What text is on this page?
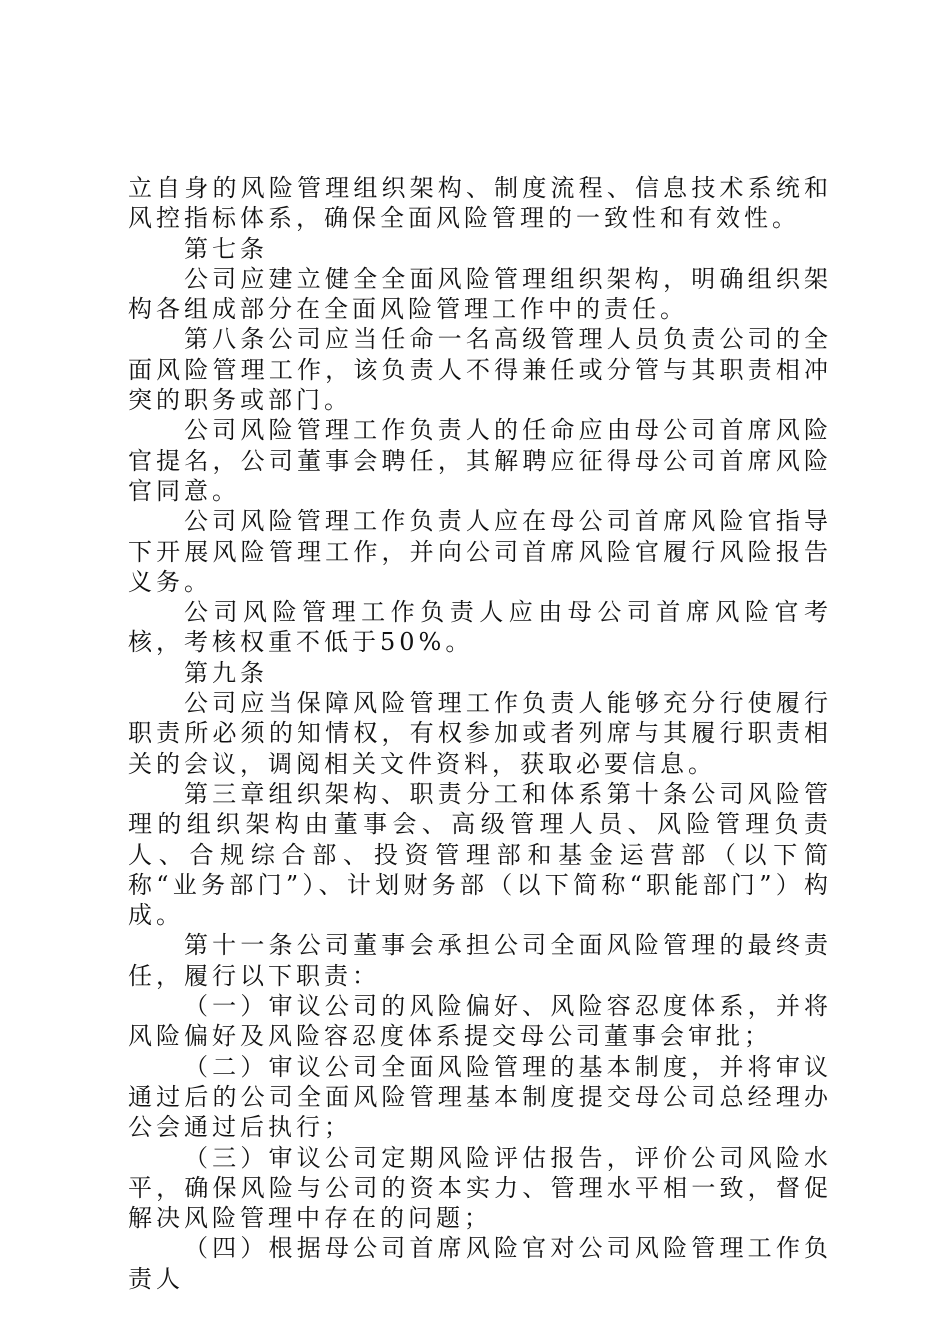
立自身的风险管理组织架构、制度流程、信息技术系统和风控指标体系，确保全面风险管理的一致性和有效性。

第七条

公司应建立健全全面风险管理组织架构，明确组织架构各组成部分在全面风险管理工作中的责任。

第八条公司应当任命一名高级管理人员负责公司的全面风险管理工作，该负责人不得兼任或分管与其职责相冲突的职务或部门。

公司风险管理工作负责人的任命应由母公司首席风险官提名，公司董事会聘任，其解聘应征得母公司首席风险官同意。

公司风险管理工作负责人应在母公司首席风险官指导下开展风险管理工作，并向公司首席风险官履行风险报告义务。

公司风险管理工作负责人应由母公司首席风险官考核，考核权重不低于50%。

第九条

公司应当保障风险管理工作负责人能够充分行使履行职责所必须的知情权，有权参加或者列席与其履行职责相关的会议，调阅相关文件资料，获取必要信息。

第三章组织架构、职责分工和体系第十条公司风险管理的组织架构由董事会、高级管理人员、风险管理负责人、合规综合部、投资管理部和基金运营部（以下简称“业务部门”）、计划财务部（以下简称“职能部门”）构成。

第十一条公司董事会承担公司全面风险管理的最终责任，履行以下职责：

（一）审议公司的风险偏好、风险容忍度体系，并将风险偏好及风险容忍度体系提交母公司董事会审批；

（二）审议公司全面风险管理的基本制度，并将审议通过后的公司全面风险管理基本制度提交母公司总经理办公会通过后执行；

（三）审议公司定期风险评估报告，评价公司风险水平，确保风险与公司的资本实力、管理水平相一致，督促解决风险管理中存在的问题；

（四）根据母公司首席风险官对公司风险管理工作负责人
